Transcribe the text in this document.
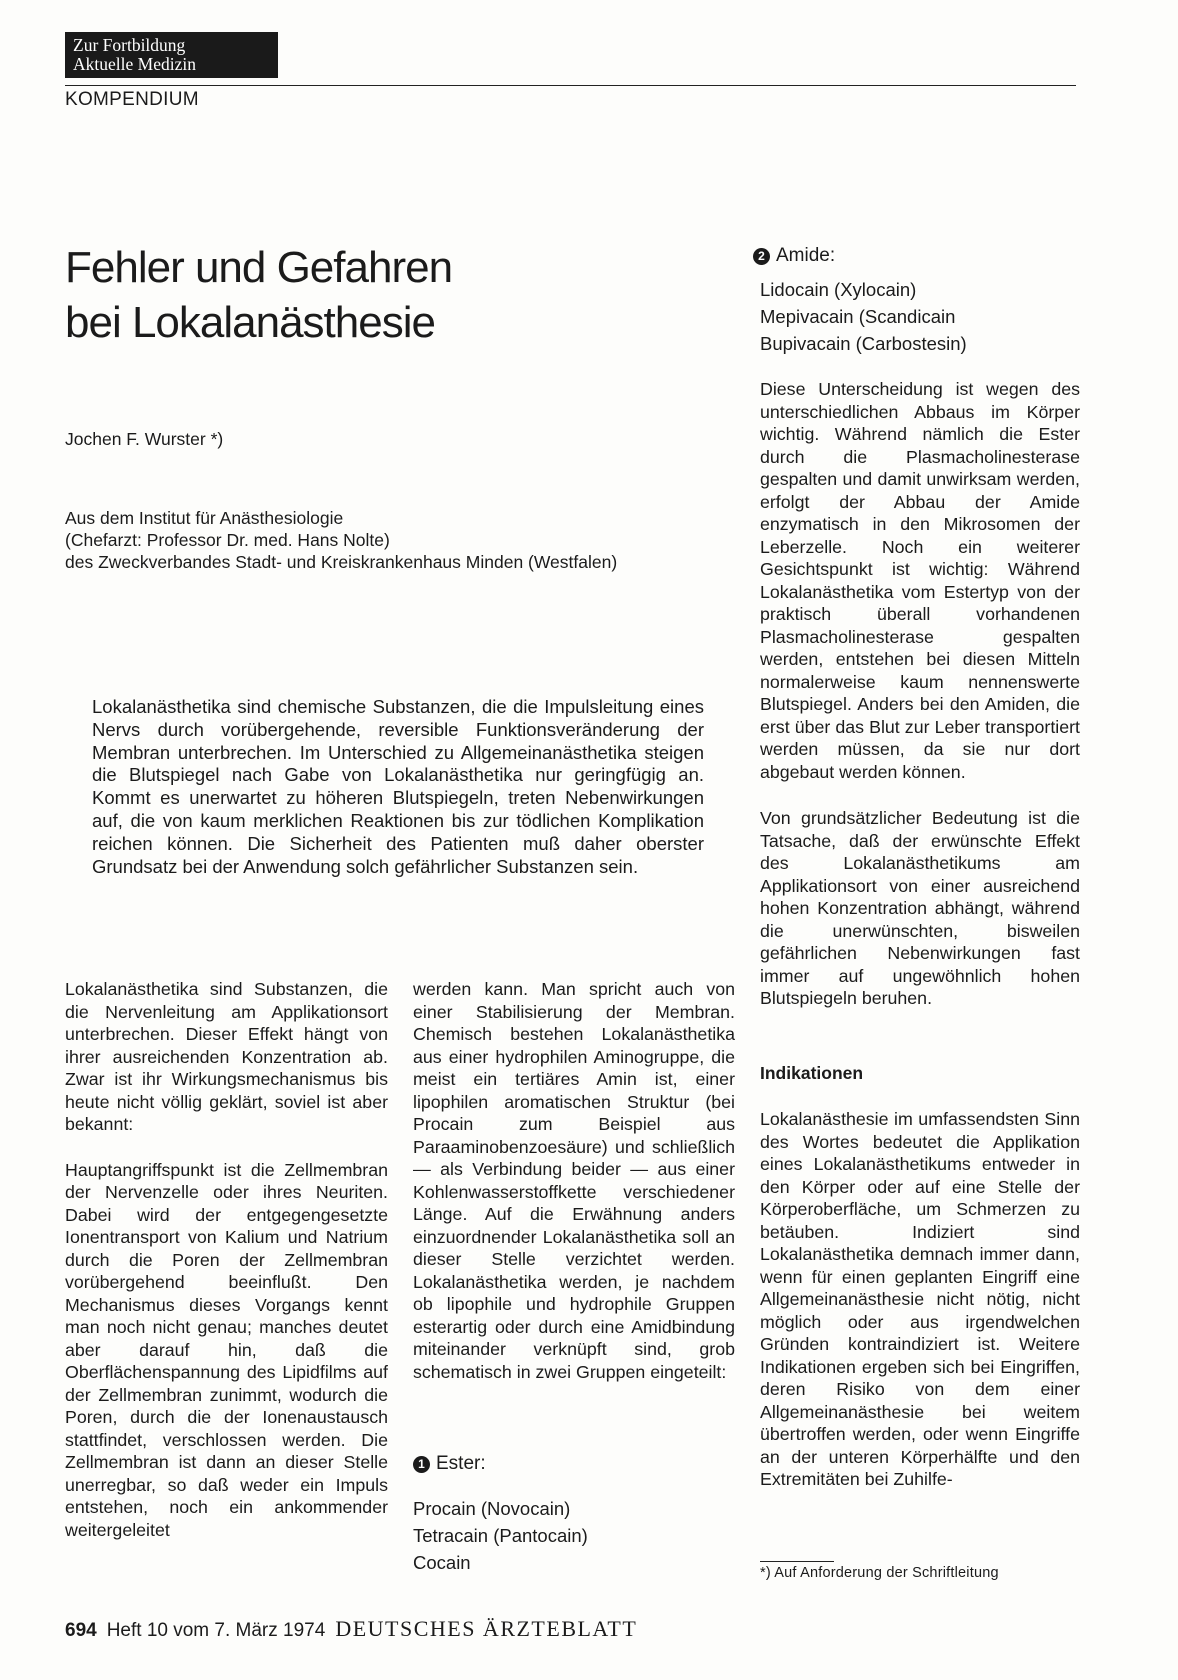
Zur Fortbildung
Aktuelle Medizin
KOMPENDIUM
Fehler und Gefahren
bei Lokalanästhesie
Jochen F. Wurster *)
Aus dem Institut für Anästhesiologie
(Chefarzt: Professor Dr. med. Hans Nolte)
des Zweckverbandes Stadt- und Kreiskrankenhaus Minden (Westfalen)

Lokalanästhetika sind chemische Substanzen, die die Impulsleitung eines Nervs durch vorübergehende, reversible Funktionsveränderung der Membran unterbrechen. Im Unterschied zu Allgemeinanästhetika steigen die Blutspiegel nach Gabe von Lokalanästhetika nur geringfügig an. Kommt es unerwartet zu höheren Blutspiegeln, treten Nebenwirkungen auf, die von kaum merklichen Reaktionen bis zur tödlichen Komplikation reichen können. Die Sicherheit des Patienten muß daher oberster Grundsatz bei der Anwendung solch gefährlicher Substanzen sein.

Lokalanästhetika sind Substanzen, die die Nervenleitung am Applikationsort unterbrechen. Dieser Effekt hängt von ihrer ausreichenden Konzentration ab. Zwar ist ihr Wirkungsmechanismus bis heute nicht völlig geklärt, soviel ist aber bekannt:

Hauptangriffspunkt ist die Zellmembran der Nervenzelle oder ihres Neuriten. Dabei wird der entgegengesetzte Ionentransport von Kalium und Natrium durch die Poren der Zellmembran vorübergehend beeinflußt. Den Mechanismus dieses Vorgangs kennt man noch nicht genau; manches deutet aber darauf hin, daß die Oberflächenspannung des Lipidfilms auf der Zellmembran zunimmt, wodurch die Poren, durch die der Ionenaustausch stattfindet, verschlossen werden. Die Zellmembran ist dann an dieser Stelle unerregbar, so daß weder ein Impuls entstehen, noch ein ankommender weitergeleitet

werden kann. Man spricht auch von einer Stabilisierung der Membran. Chemisch bestehen Lokalanästhetika aus einer hydrophilen Aminogruppe, die meist ein tertiäres Amin ist, einer lipophilen aromatischen Struktur (bei Procain zum Beispiel aus Paraaminobenzoesäure) und schließlich — als Verbindung beider — aus einer Kohlenwasserstoffkette verschiedener Länge. Auf die Erwähnung anders einzuordnender Lokalanästhetika soll an dieser Stelle verzichtet werden. Lokalanästhetika werden, je nachdem ob lipophile und hydrophile Gruppen esterartig oder durch eine Amidbindung miteinander verknüpft sind, grob schematisch in zwei Gruppen eingeteilt:

1 Ester:
Procain (Novocain)
Tetracain (Pantocain)
Cocain
2 Amide:
Lidocain (Xylocain)
Mepivacain (Scandicain
Bupivacain (Carbostesin)

Diese Unterscheidung ist wegen des unterschiedlichen Abbaus im Körper wichtig. Während nämlich die Ester durch die Plasmacholinesterase gespalten und damit unwirksam werden, erfolgt der Abbau der Amide enzymatisch in den Mikrosomen der Leberzelle. Noch ein weiterer Gesichtspunkt ist wichtig: Während Lokalanästhetika vom Estertyp von der praktisch überall vorhandenen Plasmacholinesterase gespalten werden, entstehen bei diesen Mitteln normalerweise kaum nennenswerte Blutspiegel. Anders bei den Amiden, die erst über das Blut zur Leber transportiert werden müssen, da sie nur dort abgebaut werden können.

Von grundsätzlicher Bedeutung ist die Tatsache, daß der erwünschte Effekt des Lokalanästhetikums am Applikationsort von einer ausreichend hohen Konzentration abhängt, während die unerwünschten, bisweilen gefährlichen Nebenwirkungen fast immer auf ungewöhnlich hohen Blutspiegeln beruhen.

Indikationen

Lokalanästhesie im umfassendsten Sinn des Wortes bedeutet die Applikation eines Lokalanästhetikums entweder in den Körper oder auf eine Stelle der Körperoberfläche, um Schmerzen zu betäuben. Indiziert sind Lokalanästhetika demnach immer dann, wenn für einen geplanten Eingriff eine Allgemeinanästhesie nicht nötig, nicht möglich oder aus irgendwelchen Gründen kontraindiziert ist. Weitere Indikationen ergeben sich bei Eingriffen, deren Risiko von dem einer Allgemeinanästhesie bei weitem übertroffen werden, oder wenn Eingriffe an der unteren Körperhälfte und den Extremitäten bei Zuhilfe-

*) Auf Anforderung der Schriftleitung
694 Heft 10 vom 7. März 1974 DEUTSCHES ÄRZTEBLATT
